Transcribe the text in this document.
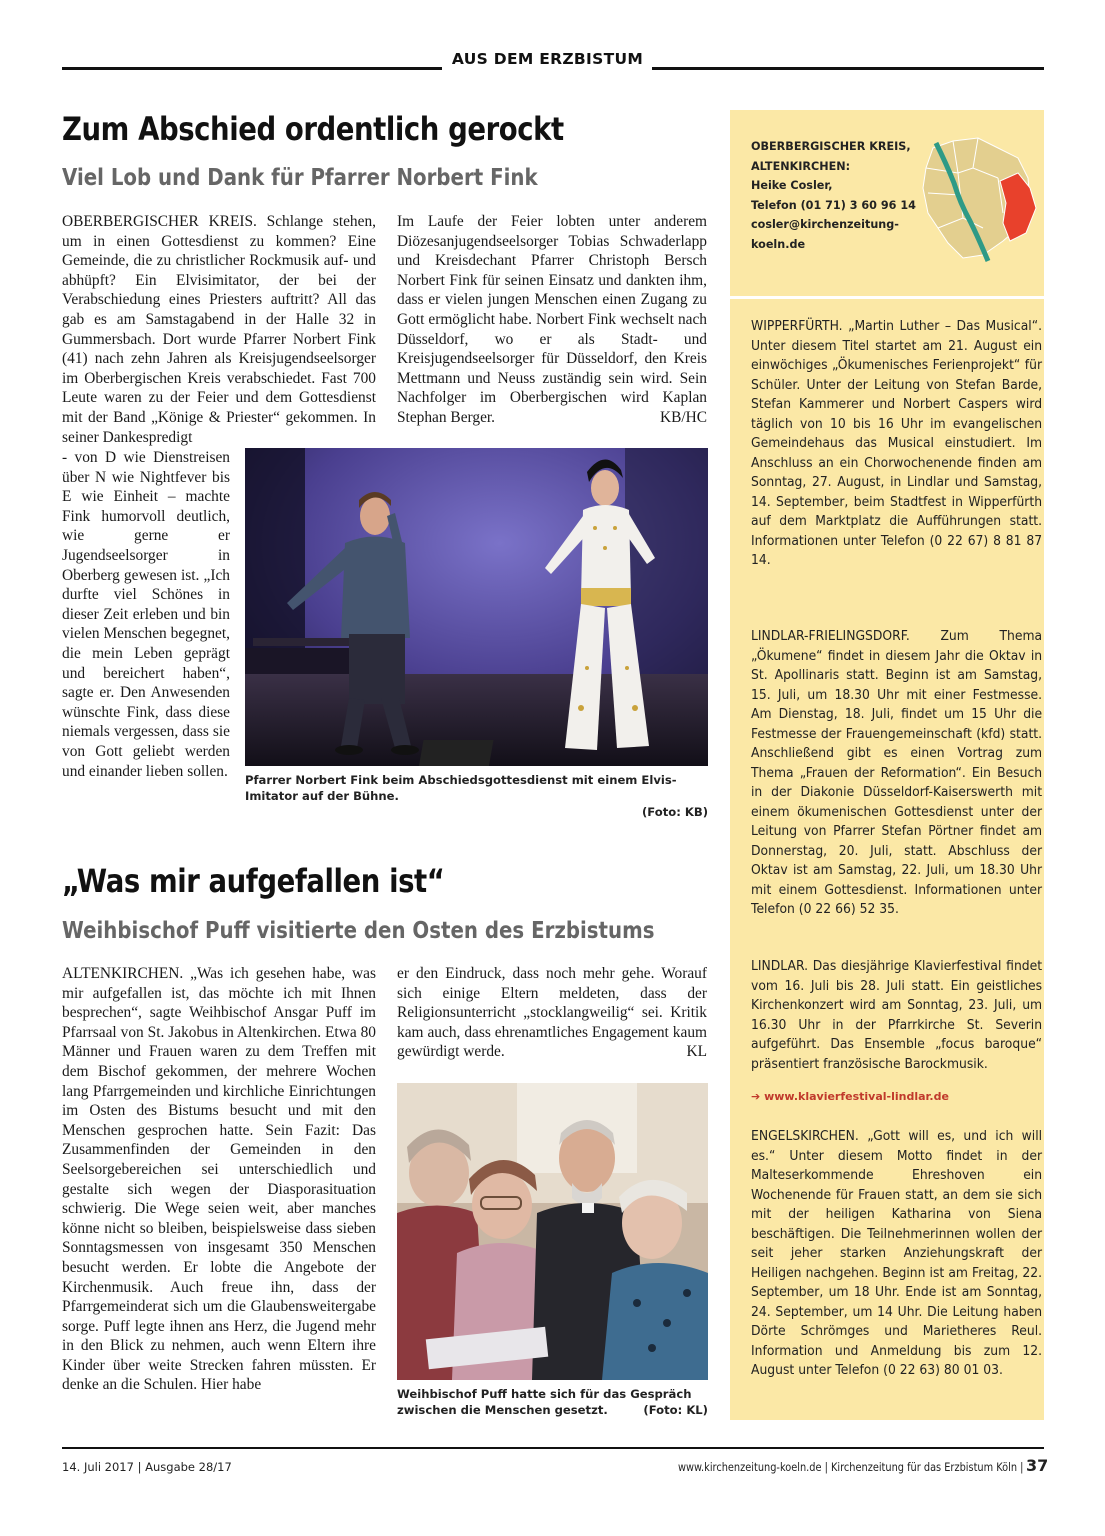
AUS DEM ERZBISTUM
Zum Abschied ordentlich gerockt
Viel Lob und Dank für Pfarrer Norbert Fink

OBERBERGISCHER KREIS. Schlange stehen, um in einen Gottesdienst zu kommen? Eine Gemeinde, die zu christlicher Rockmusik auf- und abhüpft? Ein Elvisimitator, der bei der Verabschiedung eines Priesters auftritt? All das gab es am Samstagabend in der Halle 32 in Gummersbach. Dort wurde Pfarrer Norbert Fink (41) nach zehn Jahren als Kreisjugendseelsorger im Oberbergischen Kreis verabschiedet. Fast 700 Leute waren zu der Feier und dem Gottesdienst mit der Band „Könige & Priester“ gekommen. In seiner Dankespredigt

- von D wie Dienstreisen über N wie Nightfever bis E wie Einheit – machte Fink humorvoll deutlich, wie gerne er Jugendseelsorger in Oberberg gewesen ist. „Ich durfte viel Schönes in dieser Zeit erleben und bin vielen Menschen begegnet, die mein Leben geprägt und bereichert haben“, sagte er. Den Anwesenden wünschte Fink, dass diese niemals vergessen, dass sie von Gott geliebt werden und einander lieben sollen.

Im Laufe der Feier lobten unter anderem Diözesanjugendseelsorger Tobias Schwaderlapp und Kreisdechant Pfarrer Christoph Bersch Norbert Fink für seinen Einsatz und dankten ihm, dass er vielen jungen Menschen einen Zugang zu Gott ermöglicht habe. Norbert Fink wechselt nach Düsseldorf, wo er als Stadt- und Kreisjugendseelsorger für Düsseldorf, den Kreis Mettmann und Neuss zuständig sein wird. Sein Nachfolger im Oberbergischen wird Kaplan Stephan Berger.	KB/HC
Pfarrer Norbert Fink beim Abschiedsgottesdienst mit einem Elvis-Imitator auf der Bühne.
(Foto: KB)
„Was mir aufgefallen ist“
Weihbischof Puff visitierte den Osten des Erzbistums

ALTENKIRCHEN. „Was ich gesehen habe, was mir aufgefallen ist, das möchte ich mit Ihnen besprechen“, sagte Weihbischof Ansgar Puff im Pfarrsaal von St. Jakobus in Altenkirchen. Etwa 80 Männer und Frauen waren zu dem Treffen mit dem Bischof gekommen, der mehrere Wochen lang Pfarrgemeinden und kirchliche Einrichtungen im Osten des Bistums besucht und mit den Menschen gesprochen hatte. Sein Fazit: Das Zusammenfinden der Gemeinden in den Seelsorgebereichen sei unterschiedlich und gestalte sich wegen der Diasporasituation schwierig. Die Wege seien weit, aber manches könne nicht so bleiben, beispielsweise dass sieben Sonntagsmessen von insgesamt 350 Menschen besucht werden. Er lobte die Angebote der Kirchenmusik. Auch freue ihn, dass der Pfarrgemeinderat sich um die Glaubensweitergabe sorge. Puff legte ihnen ans Herz, die Jugend mehr in den Blick zu nehmen, auch wenn Eltern ihre Kinder über weite Strecken fahren müssten. Er denke an die Schulen. Hier habe

er den Eindruck, dass noch mehr gehe. Worauf sich einige Eltern meldeten, dass der Religionsunterricht „stocklangweilig“ sei. Kritik kam auch, dass ehrenamtliches Engagement kaum gewürdigt werde.	KL
Weihbischof Puff hatte sich für das Gespräch zwischen die Menschen gesetzt.	(Foto: KL)
OBERBERGISCHER KREIS,
ALTENKIRCHEN:
Heike Cosler,
Telefon (01 71) 3 60 96 14
cosler@kirchenzeitung-koeln.de
WIPPERFÜRTH. „Martin Luther – Das Musical“. Unter diesem Titel startet am 21. August ein einwöchiges „Ökumenisches Ferienprojekt“ für Schüler. Unter der Leitung von Stefan Barde, Stefan Kammerer und Norbert Caspers wird täglich von 10 bis 16 Uhr im evangelischen Gemeindehaus das Musical einstudiert. Im Anschluss an ein Chorwochenende finden am Sonntag, 27. August, in Lindlar und Samstag, 14. September, beim Stadtfest in Wipperfürth auf dem Marktplatz die Aufführungen statt. Informationen unter Telefon (0 22 67) 8 81 87 14.
LINDLAR-FRIELINGSDORF. Zum Thema „Ökumene“ findet in diesem Jahr die Oktav in St. Apollinaris statt. Beginn ist am Samstag, 15. Juli, um 18.30 Uhr mit einer Festmesse. Am Dienstag, 18. Juli, findet um 15 Uhr die Festmesse der Frauengemeinschaft (kfd) statt. Anschließend gibt es einen Vortrag zum Thema „Frauen der Reformation“. Ein Besuch in der Diakonie Düsseldorf-Kaiserswerth mit einem ökumenischen Gottesdienst unter der Leitung von Pfarrer Stefan Pörtner findet am Donnerstag, 20. Juli, statt. Abschluss der Oktav ist am Samstag, 22. Juli, um 18.30 Uhr mit einem Gottesdienst. Informationen unter Telefon (0 22 66) 52 35.
LINDLAR. Das diesjährige Klavierfestival findet vom 16. Juli bis 28. Juli statt. Ein geistliches Kirchenkonzert wird am Sonntag, 23. Juli, um 16.30 Uhr in der Pfarrkirche St. Severin aufgeführt. Das Ensemble „focus baroque“ präsentiert französische Barockmusik.
➔ www.klavierfestival-lindlar.de
ENGELSKIRCHEN. „Gott will es, und ich will es.“ Unter diesem Motto findet in der Malteserkommende Ehreshoven ein Wochenende für Frauen statt, an dem sie sich mit der heiligen Katharina von Siena beschäftigen. Die Teilnehmerinnen wollen der seit jeher starken Anziehungskraft der Heiligen nachgehen. Beginn ist am Freitag, 22. September, um 18 Uhr. Ende ist am Sonntag, 24. September, um 14 Uhr. Die Leitung haben Dörte Schrömges und Marietheres Reul. Information und Anmeldung bis zum 12. August unter Telefon (0 22 63) 80 01 03.
14. Juli 2017 | Ausgabe 28/17	www.kirchenzeitung-koeln.de | Kirchenzeitung für das Erzbistum Köln | 37
